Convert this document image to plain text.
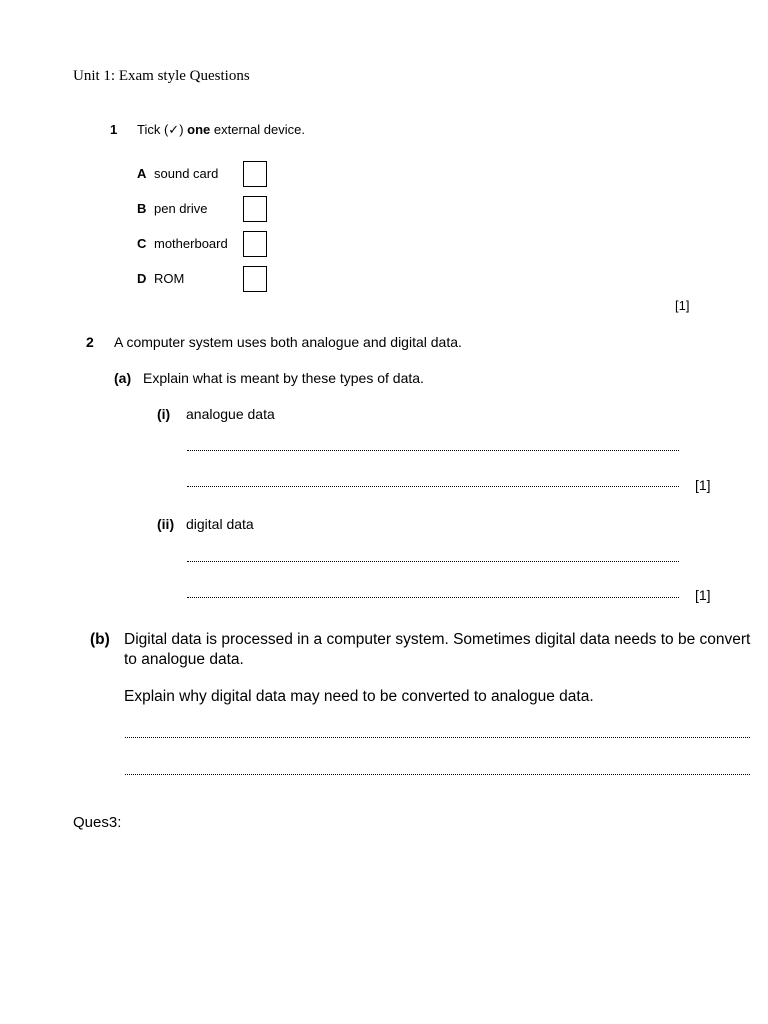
Unit 1: Exam style Questions
1 Tick (✓) one external device.
A sound card
B pen drive
C motherboard
D ROM
[1]
2 A computer system uses both analogue and digital data.
(a) Explain what is meant by these types of data.
(i) analogue data
[1]
(ii) digital data
[1]
(b) Digital data is processed in a computer system. Sometimes digital data needs to be convert
to analogue data.
Explain why digital data may need to be converted to analogue data.
Ques3:
